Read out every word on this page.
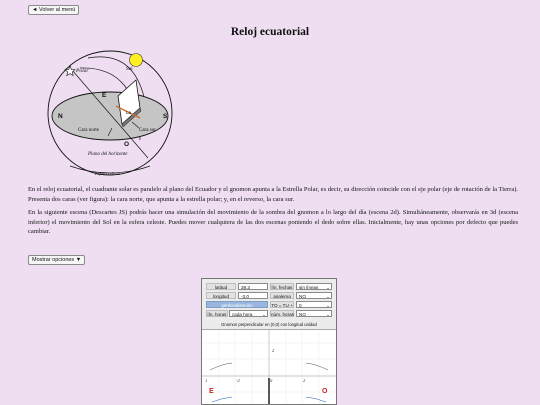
◄ Volver al menú
Reloj ecuatorial
Polar	Sol
E
N	S
O
La
Cara norte	Cara sur
Plano del horizonte
Esfera celeste

En el reloj ecuatorial, el cuadrante solar es paralelo al plano del Ecuador y el gnomon apunta a la Estrella Polar, es decir, su dirección coincide con el eje polar (eje de rotación de la Tierra). Presenta dos caras (ver figura): la cara norte, que apunta a la estrella polar; y, en el reverso, la cara sur.

En la siguiente escena (Descartes JS) podrás hacer una simulación del movimiento de la sombra del gnomon a lo largo del día (escena 2d). Simultáneamente, observarás en 3d (escena inferior) el movimiento del Sol en la esfera celeste. Puedes mover cualquiera de las dos escenas poniendo el dedo sobre ellas. Inicialmente, hay unas opciones por defecto que puedes cambiar.

Mostrar opciones ▼
latitud	39.3	lín. fechas	sin líneas ⌄
longitud	-3.0	analema	NO	⌄
geolocalización	TO = TU +	0	⌄
lín. horas	cada hora ⌄ núm. horas	NO	⌄
Gnomon perpendicular en (0,0) con longitud unidad
2
-2	0	2
1
E	O
